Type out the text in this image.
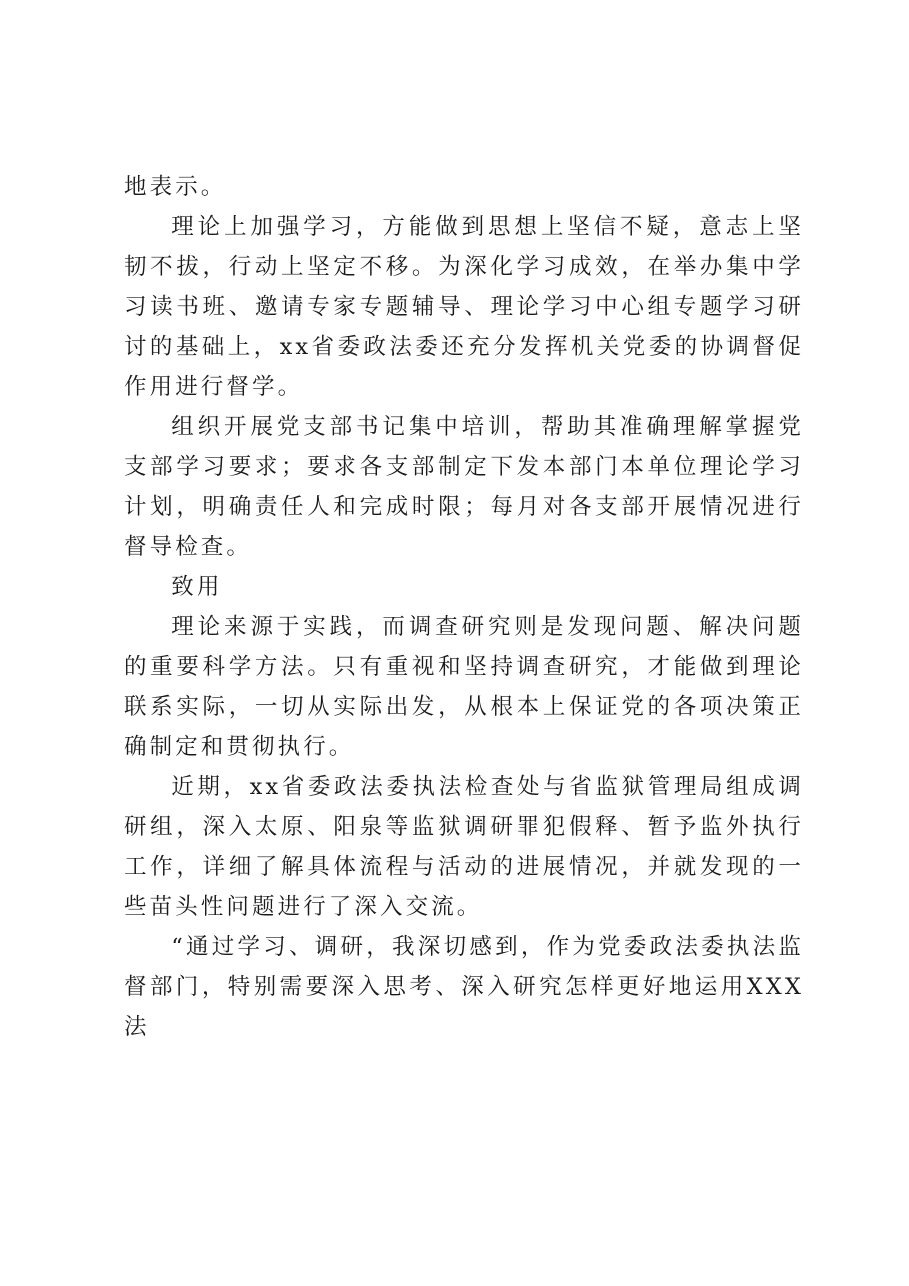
地表示。

理论上加强学习，方能做到思想上坚信不疑，意志上坚韧不拔，行动上坚定不移。为深化学习成效，在举办集中学习读书班、邀请专家专题辅导、理论学习中心组专题学习研讨的基础上，xx省委政法委还充分发挥机关党委的协调督促作用进行督学。

组织开展党支部书记集中培训，帮助其准确理解掌握党支部学习要求；要求各支部制定下发本部门本单位理论学习计划，明确责任人和完成时限；每月对各支部开展情况进行督导检查。

致用

理论来源于实践，而调查研究则是发现问题、解决问题的重要科学方法。只有重视和坚持调查研究，才能做到理论联系实际，一切从实际出发，从根本上保证党的各项决策正确制定和贯彻执行。

近期，xx省委政法委执法检查处与省监狱管理局组成调研组，深入太原、阳泉等监狱调研罪犯假释、暂予监外执行工作，详细了解具体流程与活动的进展情况，并就发现的一些苗头性问题进行了深入交流。

“通过学习、调研，我深切感到，作为党委政法委执法监督部门，特别需要深入思考、深入研究怎样更好地运用XXX法
